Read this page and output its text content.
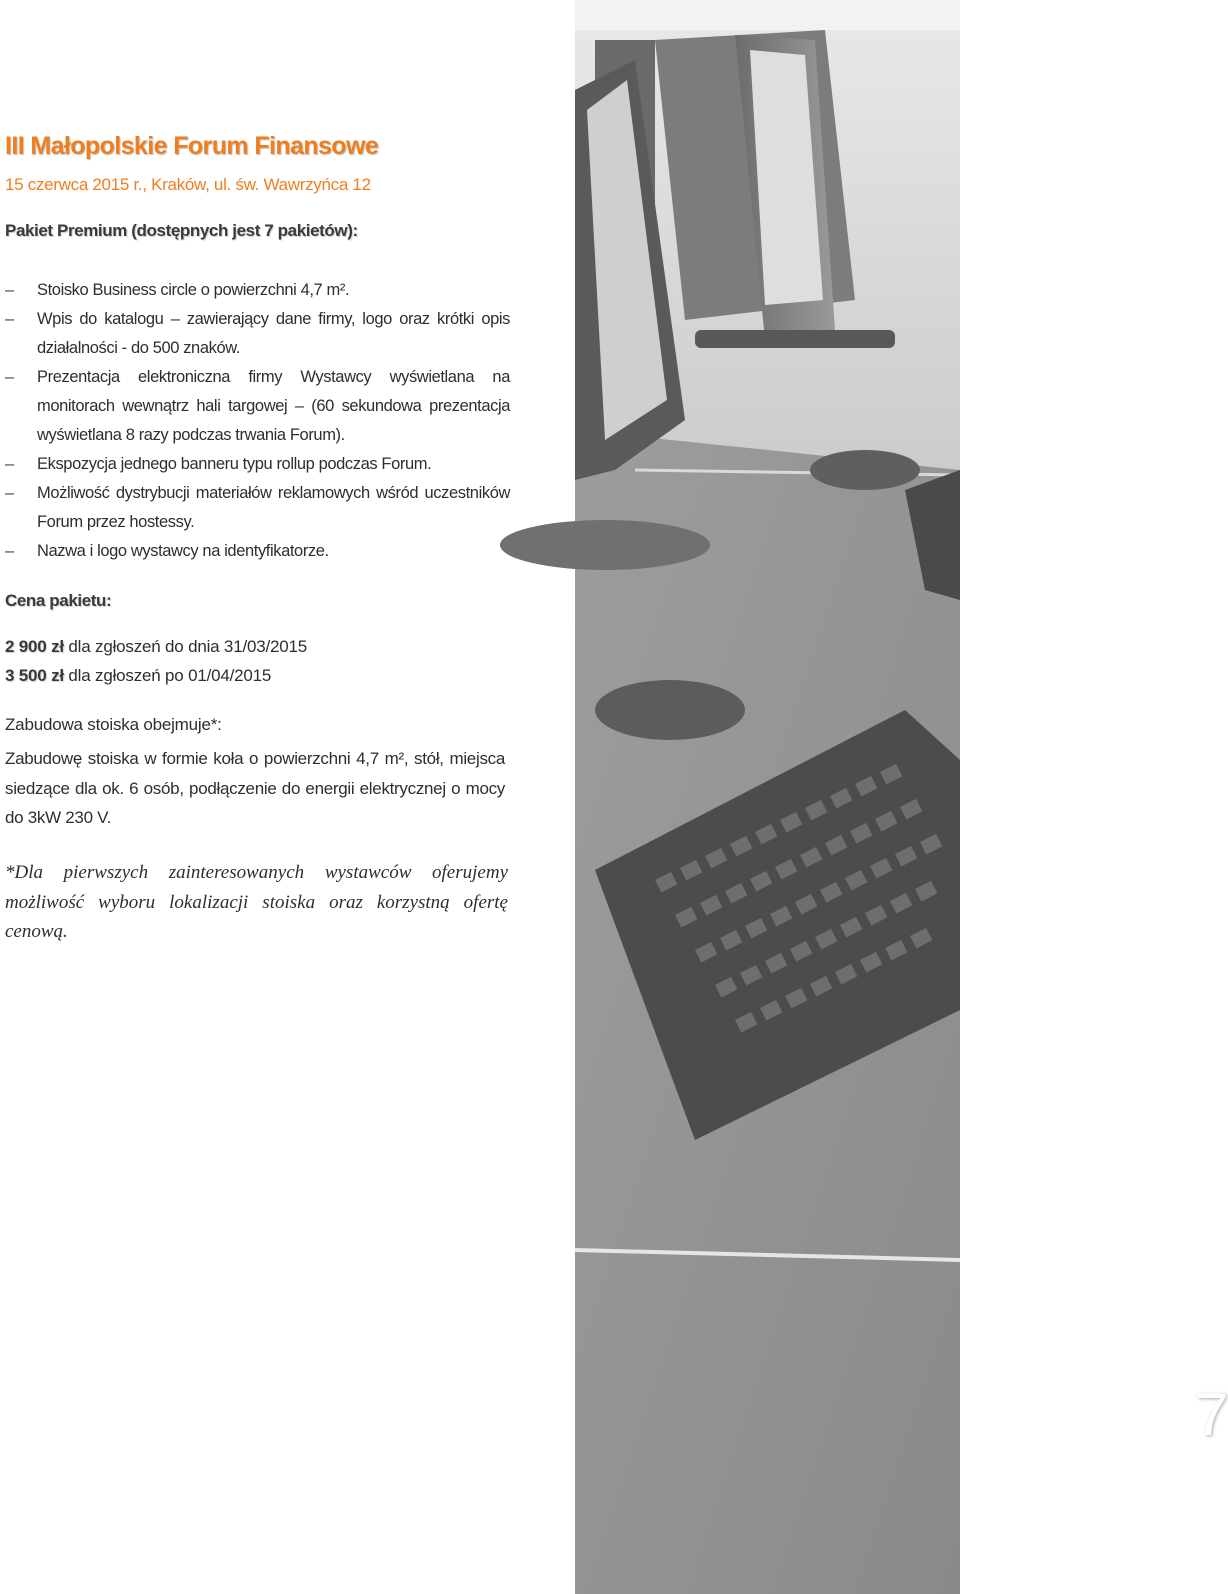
III Małopolskie Forum Finansowe
15 czerwca 2015 r., Kraków, ul. św. Wawrzyńca 12
Pakiet Premium (dostępnych jest 7 pakietów):
– Stoisko Business circle o powierzchni 4,7 m².
– Wpis do katalogu – zawierający dane firmy, logo oraz krótki opis działalności - do 500 znaków.
– Prezentacja elektroniczna firmy Wystawcy wyświetlana na monitorach wewnątrz hali targowej – (60 sekundowa prezentacja wyświetlana 8 razy podczas trwania Forum).
– Ekspozycja jednego banneru typu rollup podczas Forum.
– Możliwość dystrybucji materiałów reklamowych wśród uczestników Forum przez hostessy.
– Nazwa i logo wystawcy na identyfikatorze.
Cena pakietu:
2 900 zł dla zgłoszeń do dnia 31/03/2015
3 500 zł dla zgłoszeń po 01/04/2015
Zabudowa stoiska obejmuje*:
Zabudowę stoiska w formie koła o powierzchni 4,7 m², stół, miejsca siedzące dla ok. 6 osób, podłączenie do energii elektrycznej o mocy do 3kW 230 V.
*Dla pierwszych zainteresowanych wystawców oferujemy możliwość wyboru lokalizacji stoiska oraz korzystną ofertę cenową.
7
